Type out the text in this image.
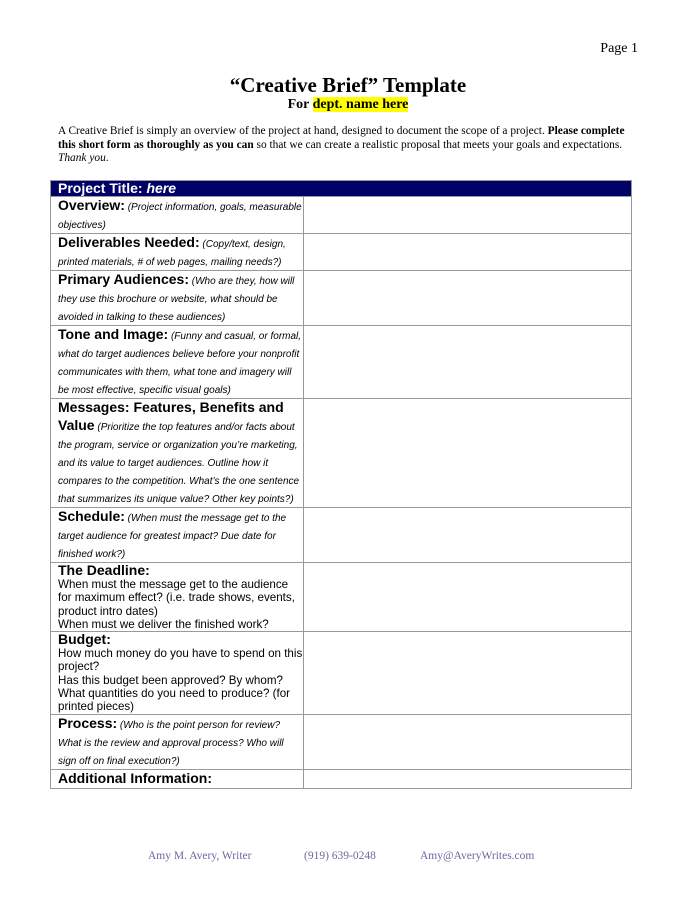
Page 1
“Creative Brief” Template
For dept. name here
A Creative Brief is simply an overview of the project at hand, designed to document the scope of a project. Please complete this short form as thoroughly as you can so that we can create a realistic proposal that meets your goals and expectations. Thank you.
Project Title: here	
Overview: (Project information, goals, measurable objectives)	
Deliverables Needed: (Copy/text, design, printed materials, # of web pages, mailing needs?)	
Primary Audiences: (Who are they, how will they use this brochure or website, what should be avoided in talking to these audiences)	
Tone and Image: (Funny and casual, or formal, what do target audiences believe before your nonprofit communicates with them, what tone and imagery will be most effective, specific visual goals)	
Messages: Features, Benefits and Value (Prioritize the top features and/or facts about the program, service or organization you’re marketing, and its value to target audiences. Outline how it compares to the competition. What’s the one sentence that summarizes its unique value? Other key points?)	
Schedule: (When must the message get to the target audience for greatest impact? Due date for finished work?)	

The Deadline:
When must the message get to the audience for maximum effect? (i.e. trade shows, events, product intro dates)
When must we deliver the finished work?	

Budget:
How much money do you have to spend on this project?
Has this budget been approved? By whom?
What quantities do you need to produce? (for printed pieces)	

Process: (Who is the point person for review? What is the review and approval process? Who will sign off on final execution?)	
Additional Information:	
Amy M. Avery, Writer	(919) 639-0248	Amy@AveryWrites.com
